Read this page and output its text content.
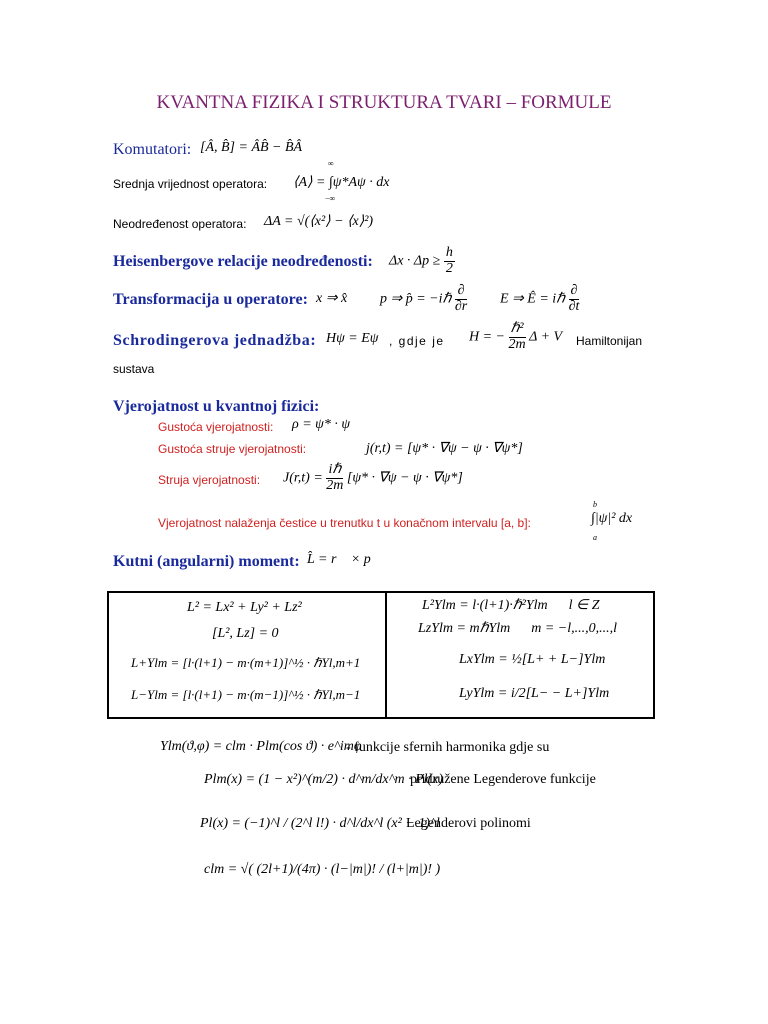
KVANTNA FIZIKA I STRUKTURA TVARI – FORMULE
Komutatori: [Â, B̂] = ÂB̂ − B̂Â
Srednja vrijednost operatora: ⟨A⟩ = ∫ψ*Aψ · dx
∞
−∞
Neodređenost operatora: ΔA = √(⟨x²⟩ − ⟨x⟩²)
Heisenbergove relacije neodređenosti: $\Delta x \cdot \Delta p \ge \frac{h}{2}$
Transformacija u operatore: x ⇒ x̂ p ⇒ p̂ = −iℏ $\frac{\partial}{\partial r}$ E ⇒ Ê = iℏ $\frac{\partial}{\partial t}$
Schrodingerova jednadžba: Hψ = Eψ , gdje je H = − $\frac{\text{ℏ²}}{2m}$ Δ + V Hamiltonijan
sustava
Vjerojatnost u kvantnoj fizici:
Gustoća vjerojatnosti: ρ = ψ* · ψ
Gustoća struje vjerojatnosti:	j(r,t) = [ψ* · ∇ψ − ψ · ∇ψ*]
Struja vjerojatnosti: $J(r,t) = \frac{\text{iℏ}}{2m} [\psi* \cdot \nabla\psi - \psi \cdot \nabla\psi*]$
Vjerojatnost nalaženja čestice u trenutku t u konačnom intervalu [a, b]:	∫|ψ|² dx
b
a
Kutni (angularni) moment: L̂ = r⃗ × p⃗
L² = Lx² + Ly² + Lz²
[L², Lz] = 0
L+Ylm = [l·(l+1) − m·(m+1)]^½ · ℏYl,m+1
L−Ylm = [l·(l+1) − m·(m−1)]^½ · ℏYl,m−1
L²Ylm = l·(l+1)·ℏ²Ylm      l ∈ Z
LzYlm = mℏYlm      m = −l,...,0,...,l
LxYlm = ½[L+ + L−]Ylm
LyYlm = i/2[L− − L+]Ylm
Ylm(ϑ,φ) = clm · Plm(cos ϑ) · e^imφ
- funkcije sfernih harmonika gdje su
Plm(x) = (1 − x²)^(m/2) · d^m/dx^m · Pl(x)
pridružene Legenderove funkcije
Pl(x) = (−1)^l / (2^l l!) · d^l/dx^l (x² − 1)^l
Legenderovi polinomi
clm = √( (2l+1)/(4π) · (l−|m|)! / (l+|m|)! )
